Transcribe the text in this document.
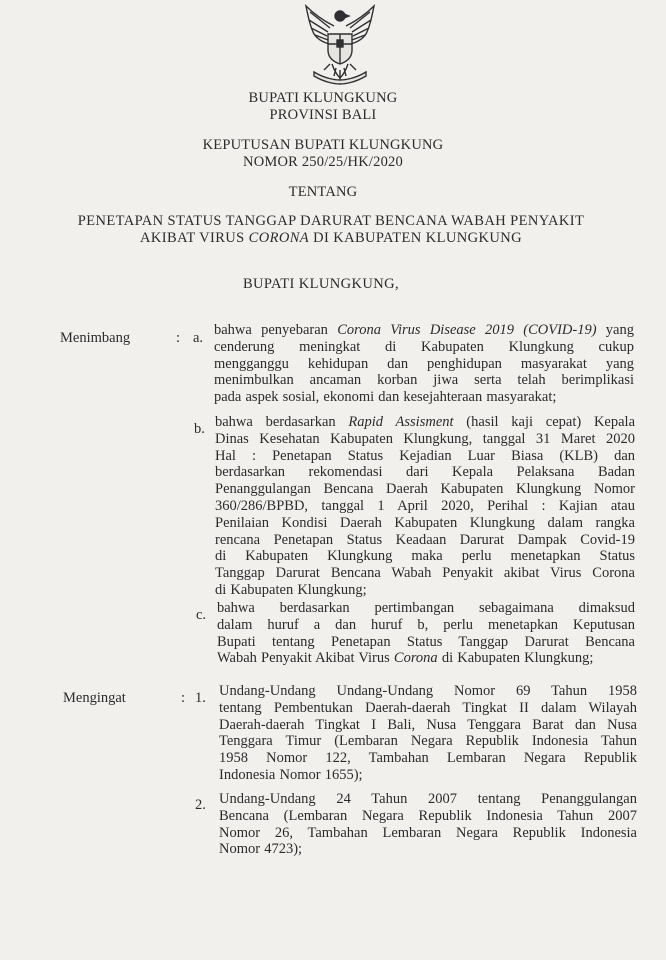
BUPATI KLUNGKUNG
PROVINSI BALI
KEPUTUSAN BUPATI KLUNGKUNG
NOMOR 250/25/HK/2020
TENTANG
PENETAPAN STATUS TANGGAP DARURAT BENCANA WABAH PENYAKIT
AKIBAT VIRUS CORONA DI KABUPATEN KLUNGKUNG
BUPATI KLUNGKUNG,
Menimbang	: a. bahwa penyebaran Corona Virus Disease 2019 (COVID-19) yang
cenderung meningkat di Kabupaten Klungkung cukup
mengganggu kehidupan dan penghidupan masyarakat yang
menimbulkan ancaman korban jiwa serta telah berimplikasi
pada aspek sosial, ekonomi dan kesejahteraan masyarakat;
b. bahwa berdasarkan Rapid Assisment (hasil kaji cepat) Kepala
Dinas Kesehatan Kabupaten Klungkung, tanggal 31 Maret 2020
Hal : Penetapan Status Kejadian Luar Biasa (KLB) dan
berdasarkan rekomendasi dari Kepala Pelaksana Badan
Penanggulangan Bencana Daerah Kabupaten Klungkung Nomor
360/286/BPBD, tanggal 1 April 2020, Perihal : Kajian atau
Penilaian Kondisi Daerah Kabupaten Klungkung dalam rangka
rencana Penetapan Status Keadaan Darurat Dampak Covid-19
di Kabupaten Klungkung maka perlu menetapkan Status
Tanggap Darurat Bencana Wabah Penyakit akibat Virus Corona
di Kabupaten Klungkung;
c. bahwa berdasarkan pertimbangan sebagaimana dimaksud
dalam huruf a dan huruf b, perlu menetapkan Keputusan
Bupati tentang Penetapan Status Tanggap Darurat Bencana
Wabah Penyakit Akibat Virus Corona di Kabupaten Klungkung;
Mengingat	: 1. Undang-Undang Undang-Undang Nomor 69 Tahun 1958
tentang Pembentukan Daerah-daerah Tingkat II dalam Wilayah
Daerah-daerah Tingkat I Bali, Nusa Tenggara Barat dan Nusa
Tenggara Timur (Lembaran Negara Republik Indonesia Tahun
1958 Nomor 122, Tambahan Lembaran Negara Republik
Indonesia Nomor 1655);
2. Undang-Undang 24 Tahun 2007 tentang Penanggulangan
Bencana (Lembaran Negara Republik Indonesia Tahun 2007
Nomor 26, Tambahan Lembaran Negara Republik Indonesia
Nomor 4723);
